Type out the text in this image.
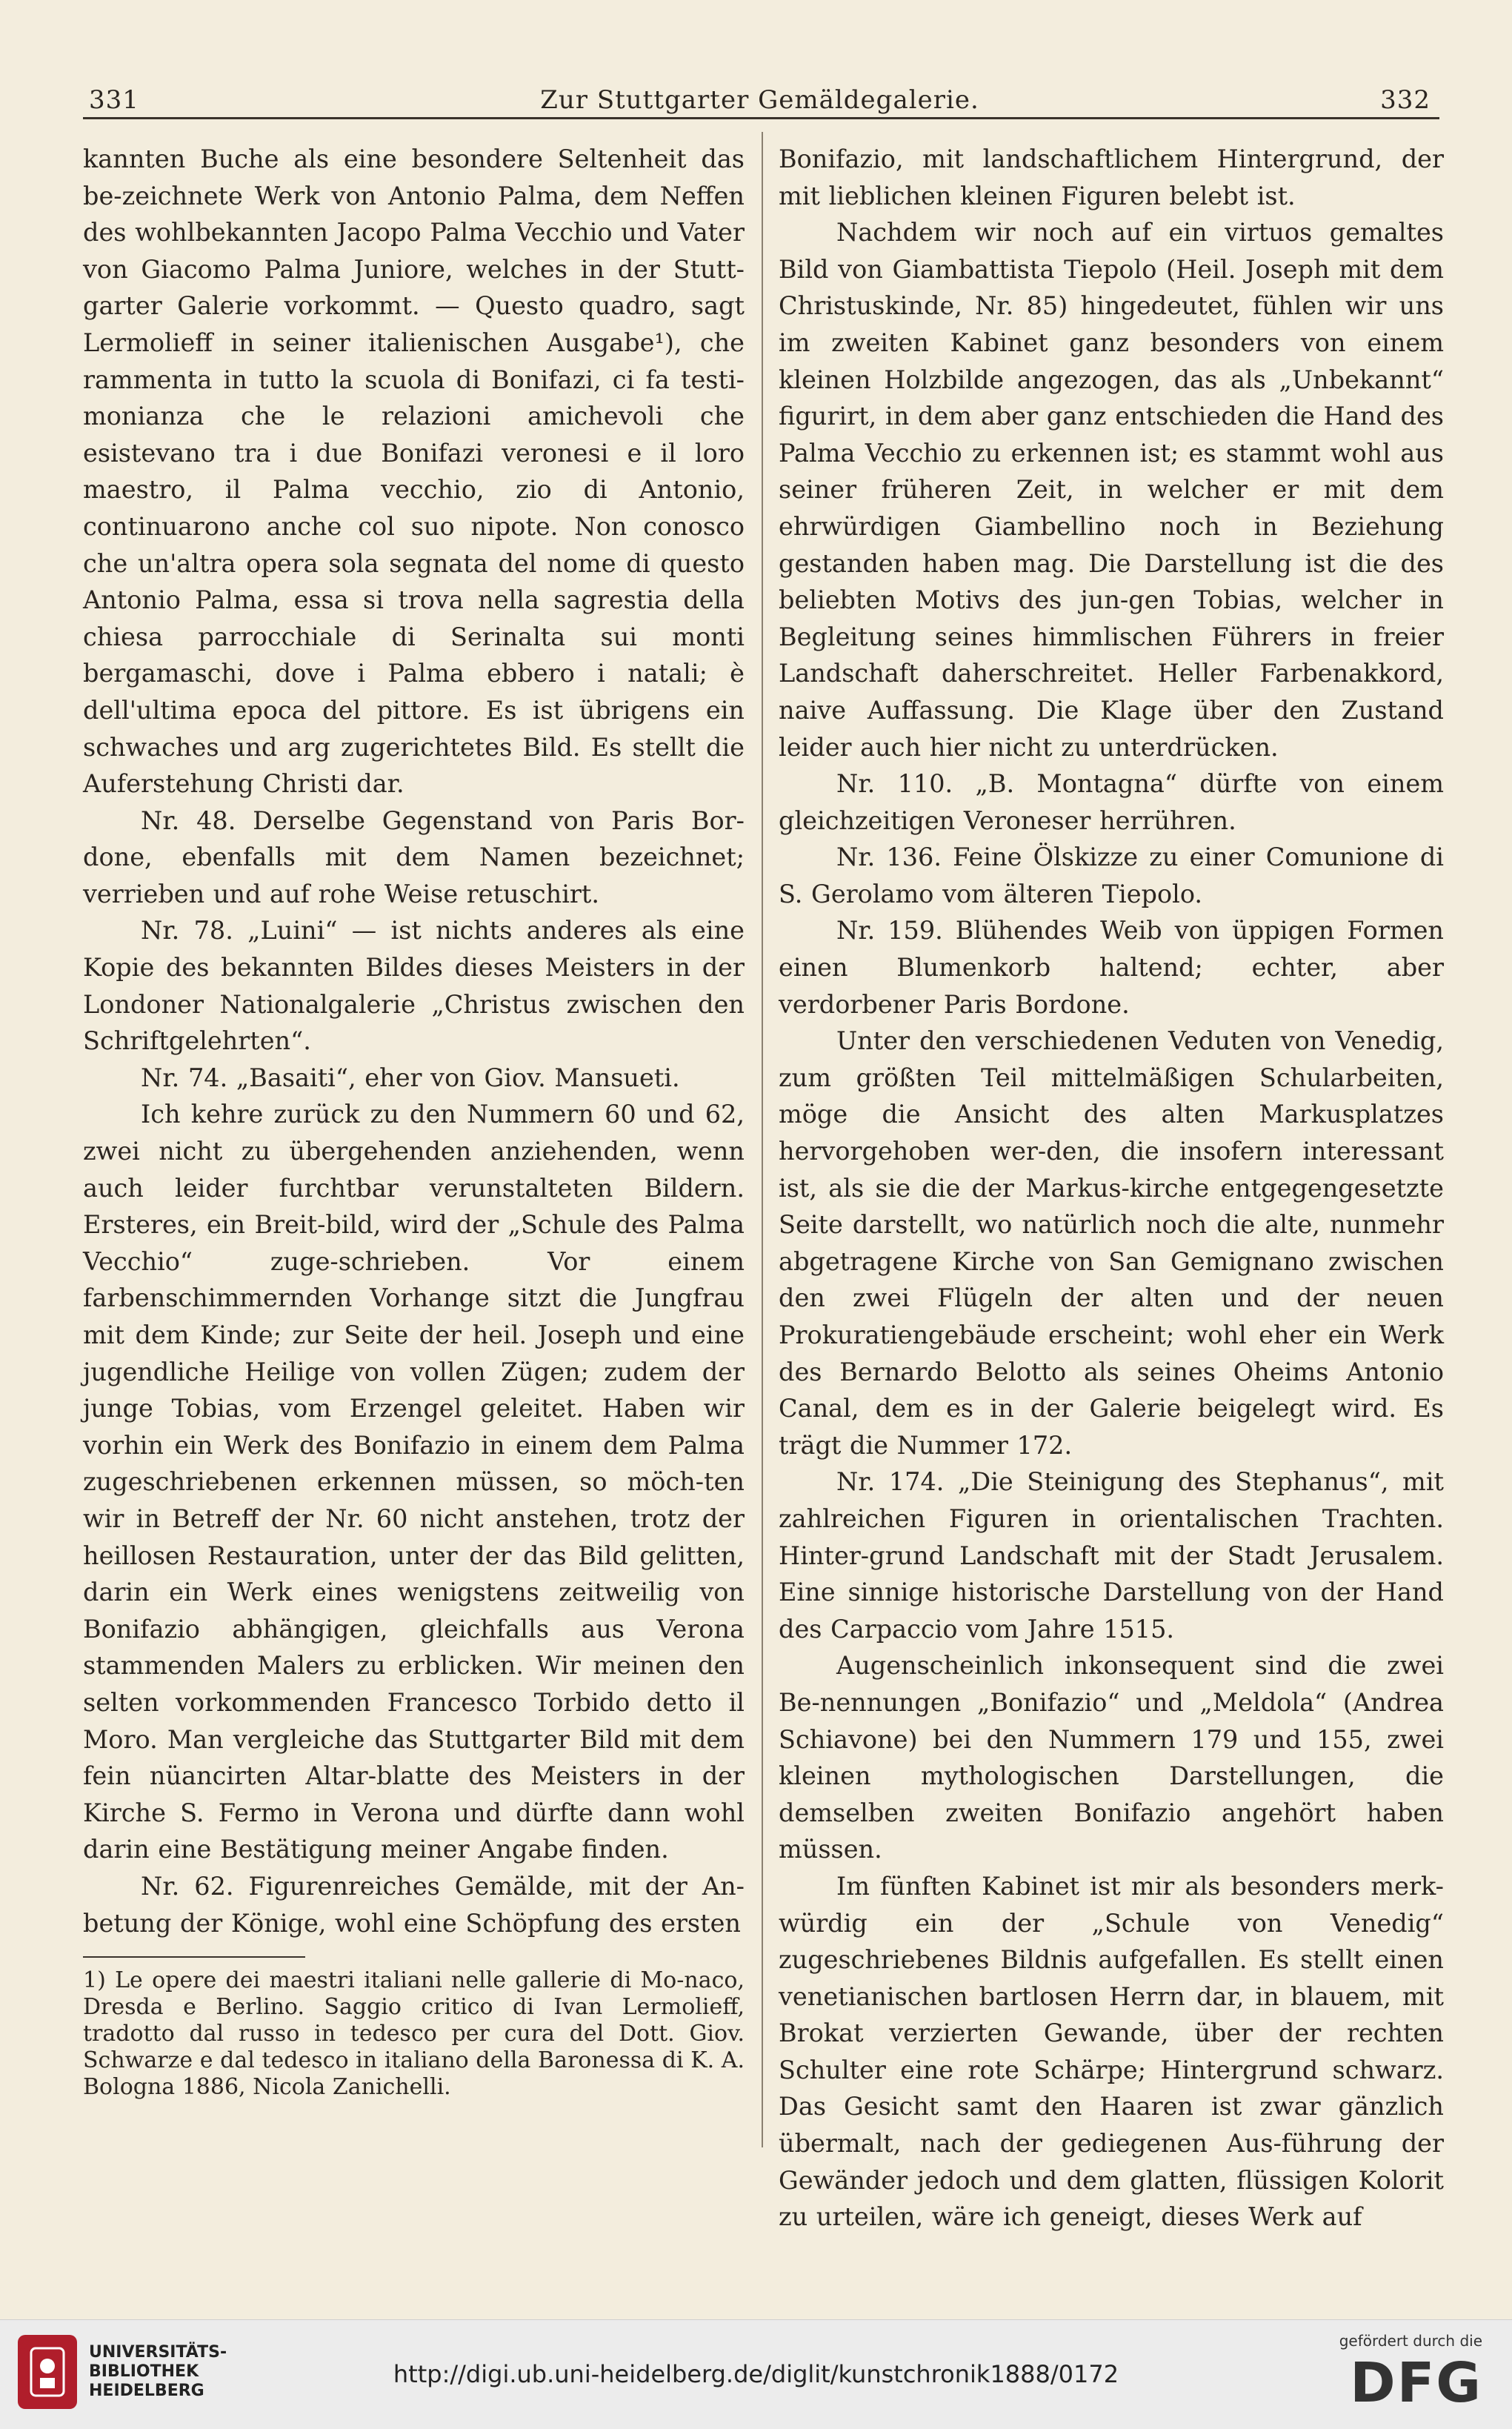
331	Zur Stuttgarter Gemäldegalerie.	332

kannten Buche als eine besondere Seltenheit das be-zeichnete Werk von Antonio Palma, dem Neffen des wohlbekannten Jacopo Palma Vecchio und Vater von Giacomo Palma Juniore, welches in der Stutt-garter Galerie vorkommt. — Questo quadro, sagt Lermolieff in seiner italienischen Ausgabe¹), che rammenta in tutto la scuola di Bonifazi, ci fa testi-monianza che le relazioni amichevoli che esistevano tra i due Bonifazi veronesi e il loro maestro, il Palma vecchio, zio di Antonio, continuarono anche col suo nipote. Non conosco che un'altra opera sola segnata del nome di questo Antonio Palma, essa si trova nella sagrestia della chiesa parrocchiale di Serinalta sui monti bergamaschi, dove i Palma ebbero i natali; è dell'ultima epoca del pittore. Es ist übrigens ein schwaches und arg zugerichtetes Bild. Es stellt die Auferstehung Christi dar.

Nr. 48. Derselbe Gegenstand von Paris Bor-done, ebenfalls mit dem Namen bezeichnet; verrieben und auf rohe Weise retuschirt.

Nr. 78. „Luini“ — ist nichts anderes als eine Kopie des bekannten Bildes dieses Meisters in der Londoner Nationalgalerie „Christus zwischen den Schriftgelehrten“.

Nr. 74. „Basaiti“, eher von Giov. Mansueti.

Ich kehre zurück zu den Nummern 60 und 62, zwei nicht zu übergehenden anziehenden, wenn auch leider furchtbar verunstalteten Bildern. Ersteres, ein Breit-bild, wird der „Schule des Palma Vecchio“ zuge-schrieben. Vor einem farbenschimmernden Vorhange sitzt die Jungfrau mit dem Kinde; zur Seite der heil. Joseph und eine jugendliche Heilige von vollen Zügen; zudem der junge Tobias, vom Erzengel geleitet. Haben wir vorhin ein Werk des Bonifazio in einem dem Palma zugeschriebenen erkennen müssen, so möch-ten wir in Betreff der Nr. 60 nicht anstehen, trotz der heillosen Restauration, unter der das Bild gelitten, darin ein Werk eines wenigstens zeitweilig von Bonifazio abhängigen, gleichfalls aus Verona stammenden Malers zu erblicken. Wir meinen den selten vorkommenden Francesco Torbido detto il Moro. Man vergleiche das Stuttgarter Bild mit dem fein nüancirten Altar-blatte des Meisters in der Kirche S. Fermo in Verona und dürfte dann wohl darin eine Bestätigung meiner Angabe finden.

Nr. 62. Figurenreiches Gemälde, mit der An-betung der Könige, wohl eine Schöpfung des ersten

Bonifazio, mit landschaftlichem Hintergrund, der mit lieblichen kleinen Figuren belebt ist.

Nachdem wir noch auf ein virtuos gemaltes Bild von Giambattista Tiepolo (Heil. Joseph mit dem Christuskinde, Nr. 85) hingedeutet, fühlen wir uns im zweiten Kabinet ganz besonders von einem kleinen Holzbilde angezogen, das als „Unbekannt“ figurirt, in dem aber ganz entschieden die Hand des Palma Vecchio zu erkennen ist; es stammt wohl aus seiner früheren Zeit, in welcher er mit dem ehrwürdigen Giambellino noch in Beziehung gestanden haben mag. Die Darstellung ist die des beliebten Motivs des jun-gen Tobias, welcher in Begleitung seines himmlischen Führers in freier Landschaft daherschreitet. Heller Farbenakkord, naive Auffassung. Die Klage über den Zustand leider auch hier nicht zu unterdrücken.

Nr. 110. „B. Montagna“ dürfte von einem gleichzeitigen Veroneser herrühren.

Nr. 136. Feine Ölskizze zu einer Comunione di S. Gerolamo vom älteren Tiepolo.

Nr. 159. Blühendes Weib von üppigen Formen einen Blumenkorb haltend; echter, aber verdorbener Paris Bordone.

Unter den verschiedenen Veduten von Venedig, zum größten Teil mittelmäßigen Schularbeiten, möge die Ansicht des alten Markusplatzes hervorgehoben wer-den, die insofern interessant ist, als sie die der Markus-kirche entgegengesetzte Seite darstellt, wo natürlich noch die alte, nunmehr abgetragene Kirche von San Gemignano zwischen den zwei Flügeln der alten und der neuen Prokuratiengebäude erscheint; wohl eher ein Werk des Bernardo Belotto als seines Oheims Antonio Canal, dem es in der Galerie beigelegt wird. Es trägt die Nummer 172.

Nr. 174. „Die Steinigung des Stephanus“, mit zahlreichen Figuren in orientalischen Trachten. Hinter-grund Landschaft mit der Stadt Jerusalem. Eine sinnige historische Darstellung von der Hand des Carpaccio vom Jahre 1515.

Augenscheinlich inkonsequent sind die zwei Be-nennungen „Bonifazio“ und „Meldola“ (Andrea Schiavone) bei den Nummern 179 und 155, zwei kleinen mythologischen Darstellungen, die demselben zweiten Bonifazio angehört haben müssen.

Im fünften Kabinet ist mir als besonders merk-würdig ein der „Schule von Venedig“ zugeschriebenes Bildnis aufgefallen. Es stellt einen venetianischen bartlosen Herrn dar, in blauem, mit Brokat verzierten Gewande, über der rechten Schulter eine rote Schärpe; Hintergrund schwarz. Das Gesicht samt den Haaren ist zwar gänzlich übermalt, nach der gediegenen Aus-führung der Gewänder jedoch und dem glatten, flüssigen Kolorit zu urteilen, wäre ich geneigt, dieses Werk auf

1) Le opere dei maestri italiani nelle gallerie di Mo-naco, Dresda e Berlino. Saggio critico di Ivan Lermolieff, tradotto dal russo in tedesco per cura del Dott. Giov. Schwarze e dal tedesco in italiano della Baronessa di K. A. Bologna 1886, Nicola Zanichelli.
UNIVERSITÄTS-
BIBLIOTHEK
HEIDELBERG
http://digi.ub.uni-heidelberg.de/diglit/kunstchronik1888/0172
gefördert durch die
DFG
